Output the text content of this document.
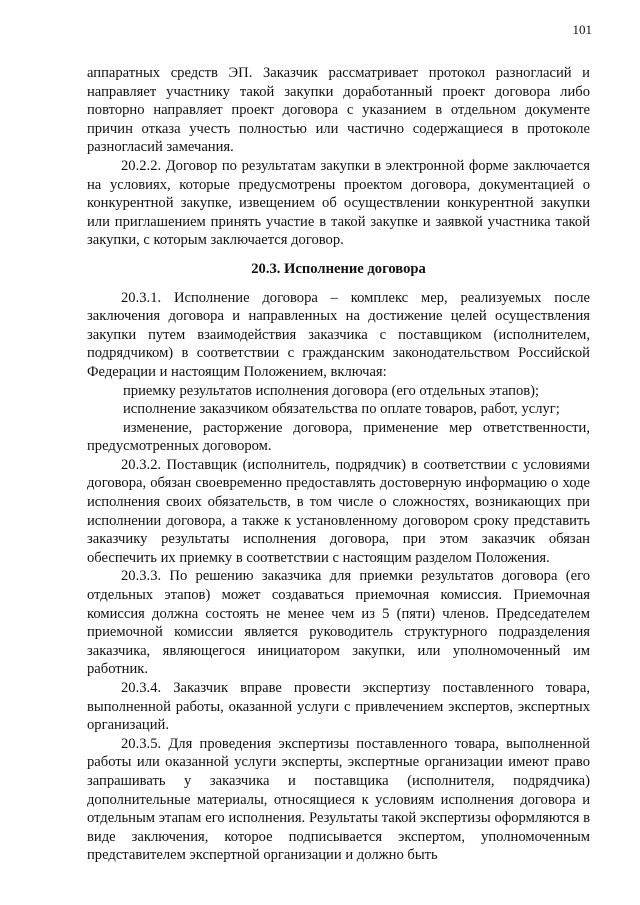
101

аппаратных средств ЭП. Заказчик рассматривает протокол разногласий и направляет участнику такой закупки доработанный проект договора либо повторно направляет проект договора с указанием в отдельном документе причин отказа учесть полностью или частично содержащиеся в протоколе разногласий замечания.

20.2.2. Договор по результатам закупки в электронной форме заключается на условиях, которые предусмотрены проектом договора, документацией о конкурентной закупке, извещением об осуществлении конкурентной закупки или приглашением принять участие в такой закупке и заявкой участника такой закупки, с которым заключается договор.

20.3. Исполнение договора

20.3.1. Исполнение договора – комплекс мер, реализуемых после заключения договора и направленных на достижение целей осуществления закупки путем взаимодействия заказчика с поставщиком (исполнителем, подрядчиком) в соответствии с гражданским законодательством Российской Федерации и настоящим Положением, включая:

приемку результатов исполнения договора (его отдельных этапов);

исполнение заказчиком обязательства по оплате товаров, работ, услуг;

изменение, расторжение договора, применение мер ответственности, предусмотренных договором.

20.3.2. Поставщик (исполнитель, подрядчик) в соответствии с условиями договора, обязан своевременно предоставлять достоверную информацию о ходе исполнения своих обязательств, в том числе о сложностях, возникающих при исполнении договора, а также к установленному договором сроку представить заказчику результаты исполнения договора, при этом заказчик обязан обеспечить их приемку в соответствии с настоящим разделом Положения.

20.3.3. По решению заказчика для приемки результатов договора (его отдельных этапов) может создаваться приемочная комиссия. Приемочная комиссия должна состоять не менее чем из 5 (пяти) членов. Председателем приемочной комиссии является руководитель структурного подразделения заказчика, являющегося инициатором закупки, или уполномоченный им работник.

20.3.4. Заказчик вправе провести экспертизу поставленного товара, выполненной работы, оказанной услуги с привлечением экспертов, экспертных организаций.

20.3.5. Для проведения экспертизы поставленного товара, выполненной работы или оказанной услуги эксперты, экспертные организации имеют право запрашивать у заказчика и поставщика (исполнителя, подрядчика) дополнительные материалы, относящиеся к условиям исполнения договора и отдельным этапам его исполнения. Результаты такой экспертизы оформляются в виде заключения, которое подписывается экспертом, уполномоченным представителем экспертной организации и должно быть
